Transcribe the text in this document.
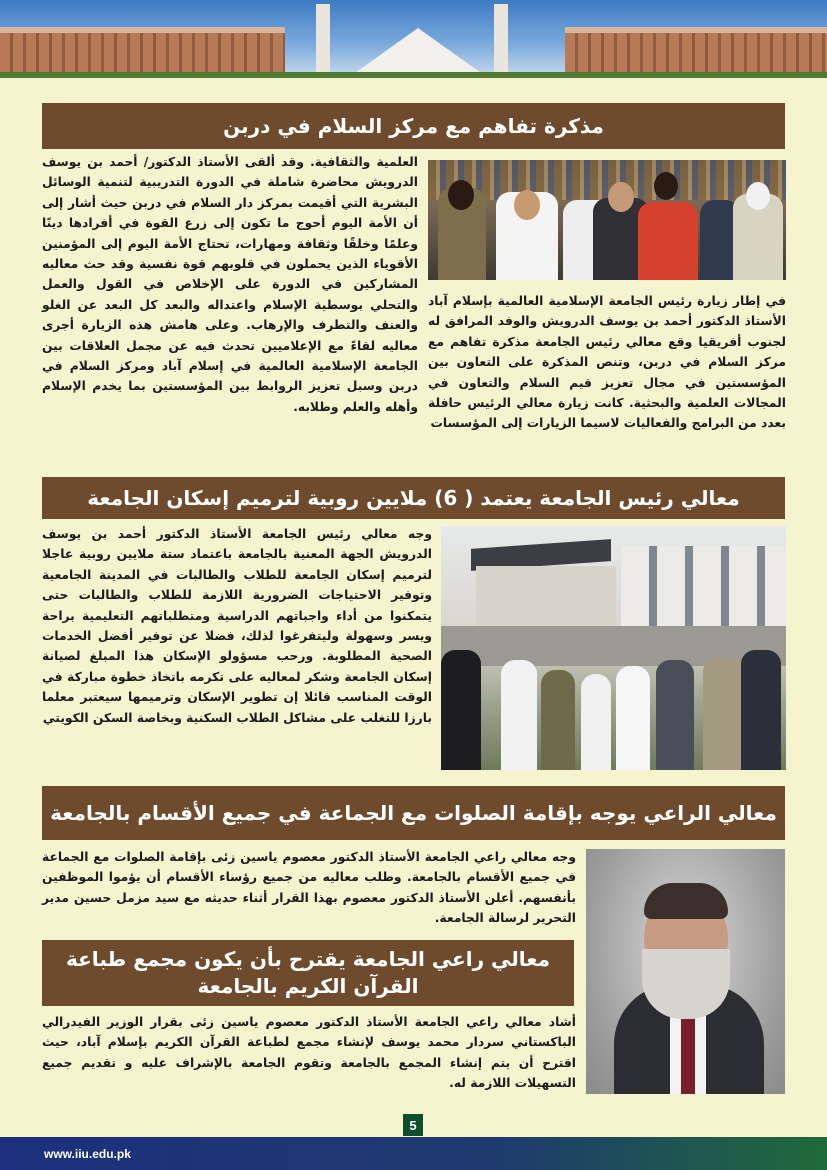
مذكرة تفاهم مع مركز السلام في دربن
العلمية والثقافية. وقد ألقى الأستاذ الدكتور/ أحمد بن يوسف الدرويش محاضرة شاملة في الدورة التدريبية لتنمية الوسائل البشرية التي أقيمت بمركز دار السلام في دربن حيث أشار إلى أن الأمة اليوم أحوج ما تكون إلى زرع القوة في أفرادها دينًا وعلمًا وخلقًا وثقافة ومهارات، تحتاج الأمة اليوم إلى المؤمنين الأقوياء الذين يحملون في قلوبهم قوة نفسية وقد حث معاليه المشاركين في الدورة على الإخلاص في القول والعمل والتحلي بوسطية الإسلام واعتداله والبعد كل البعد عن الغلو والعنف والتطرف والإرهاب. وعلى هامش هذه الزيارة أجرى معاليه لقاءً مع الإعلاميين تحدث فيه عن مجمل العلاقات بين الجامعة الإسلامية العالمية في إسلام آباد ومركز السلام في دربن وسبل تعزيز الروابط بين المؤسستين بما يخدم الإسلام وأهله والعلم وطلابه.
في إطار زيارة رئيس الجامعة الإسلامية العالمية بإسلام آباد الأستاذ الدكتور أحمد بن يوسف الدرويش والوفد المرافق له لجنوب أفريقيا وقع معالي رئيس الجامعة مذكرة تفاهم مع مركز السلام في دربن، وتنص المذكرة على التعاون بين المؤسستين في مجال تعزيز قيم السلام والتعاون في المجالات العلمية والبحثية. كانت زيارة معالي الرئيس حافلة بعدد من البرامج والفعاليات لاسيما الزيارات إلى المؤسسات
معالي رئيس الجامعة يعتمد ( 6) ملايين روبية لترميم إسكان الجامعة
وجه معالي رئيس الجامعة الأستاذ الدكتور أحمد بن يوسف الدرويش الجهة المعنية بالجامعة باعتماد ستة ملايين روبية عاجلا لترميم إسكان الجامعة للطلاب والطالبات في المدينة الجامعية وتوفير الاحتياجات الضرورية اللازمة للطلاب والطالبات حتى يتمكنوا من أداء واجباتهم الدراسية ومتطلباتهم التعليمية براحة ويسر وسهولة وليتفرغوا لذلك، فضلا عن توفير أفضل الخدمات الصحية المطلوبة. ورحب مسؤولو الإسكان هذا المبلغ لصيانة إسكان الجامعة وشكر لمعاليه على تكرمه باتخاذ خطوة مباركة في الوقت المناسب قائلا إن تطوير الإسكان وترميمها سيعتبر معلما بارزا للتغلب على مشاكل الطلاب السكنية وبخاصة السكن الكويتي
معالي الراعي يوجه بإقامة الصلوات مع الجماعة في جميع الأقسام بالجامعة
وجه معالي راعي الجامعة الأستاذ الدكتور معصوم ياسين زئى بإقامة الصلوات مع الجماعة في جميع الأقسام بالجامعة. وطلب معاليه من جميع رؤساء الأقسام أن يؤموا الموظفين بأنفسهم. أعلن الأستاذ الدكتور معصوم بهذا القرار أثناء حديثه مع سيد مزمل حسين مدير التحرير لرسالة الجامعة.
معالي راعي الجامعة يقترح بأن يكون مجمع طباعة القرآن الكريم بالجامعة
أشاد معالي راعي الجامعة الأستاذ الدكتور معصوم ياسين زئى بقرار الوزير الفيدرالي الباكستاني سردار محمد يوسف لإنشاء مجمع لطباعة القرآن الكريم بإسلام آباد، حيث اقترح أن يتم إنشاء المجمع بالجامعة وتقوم الجامعة بالإشراف عليه و تقديم جميع التسهيلات اللازمة له.
5
www.iiu.edu.pk
